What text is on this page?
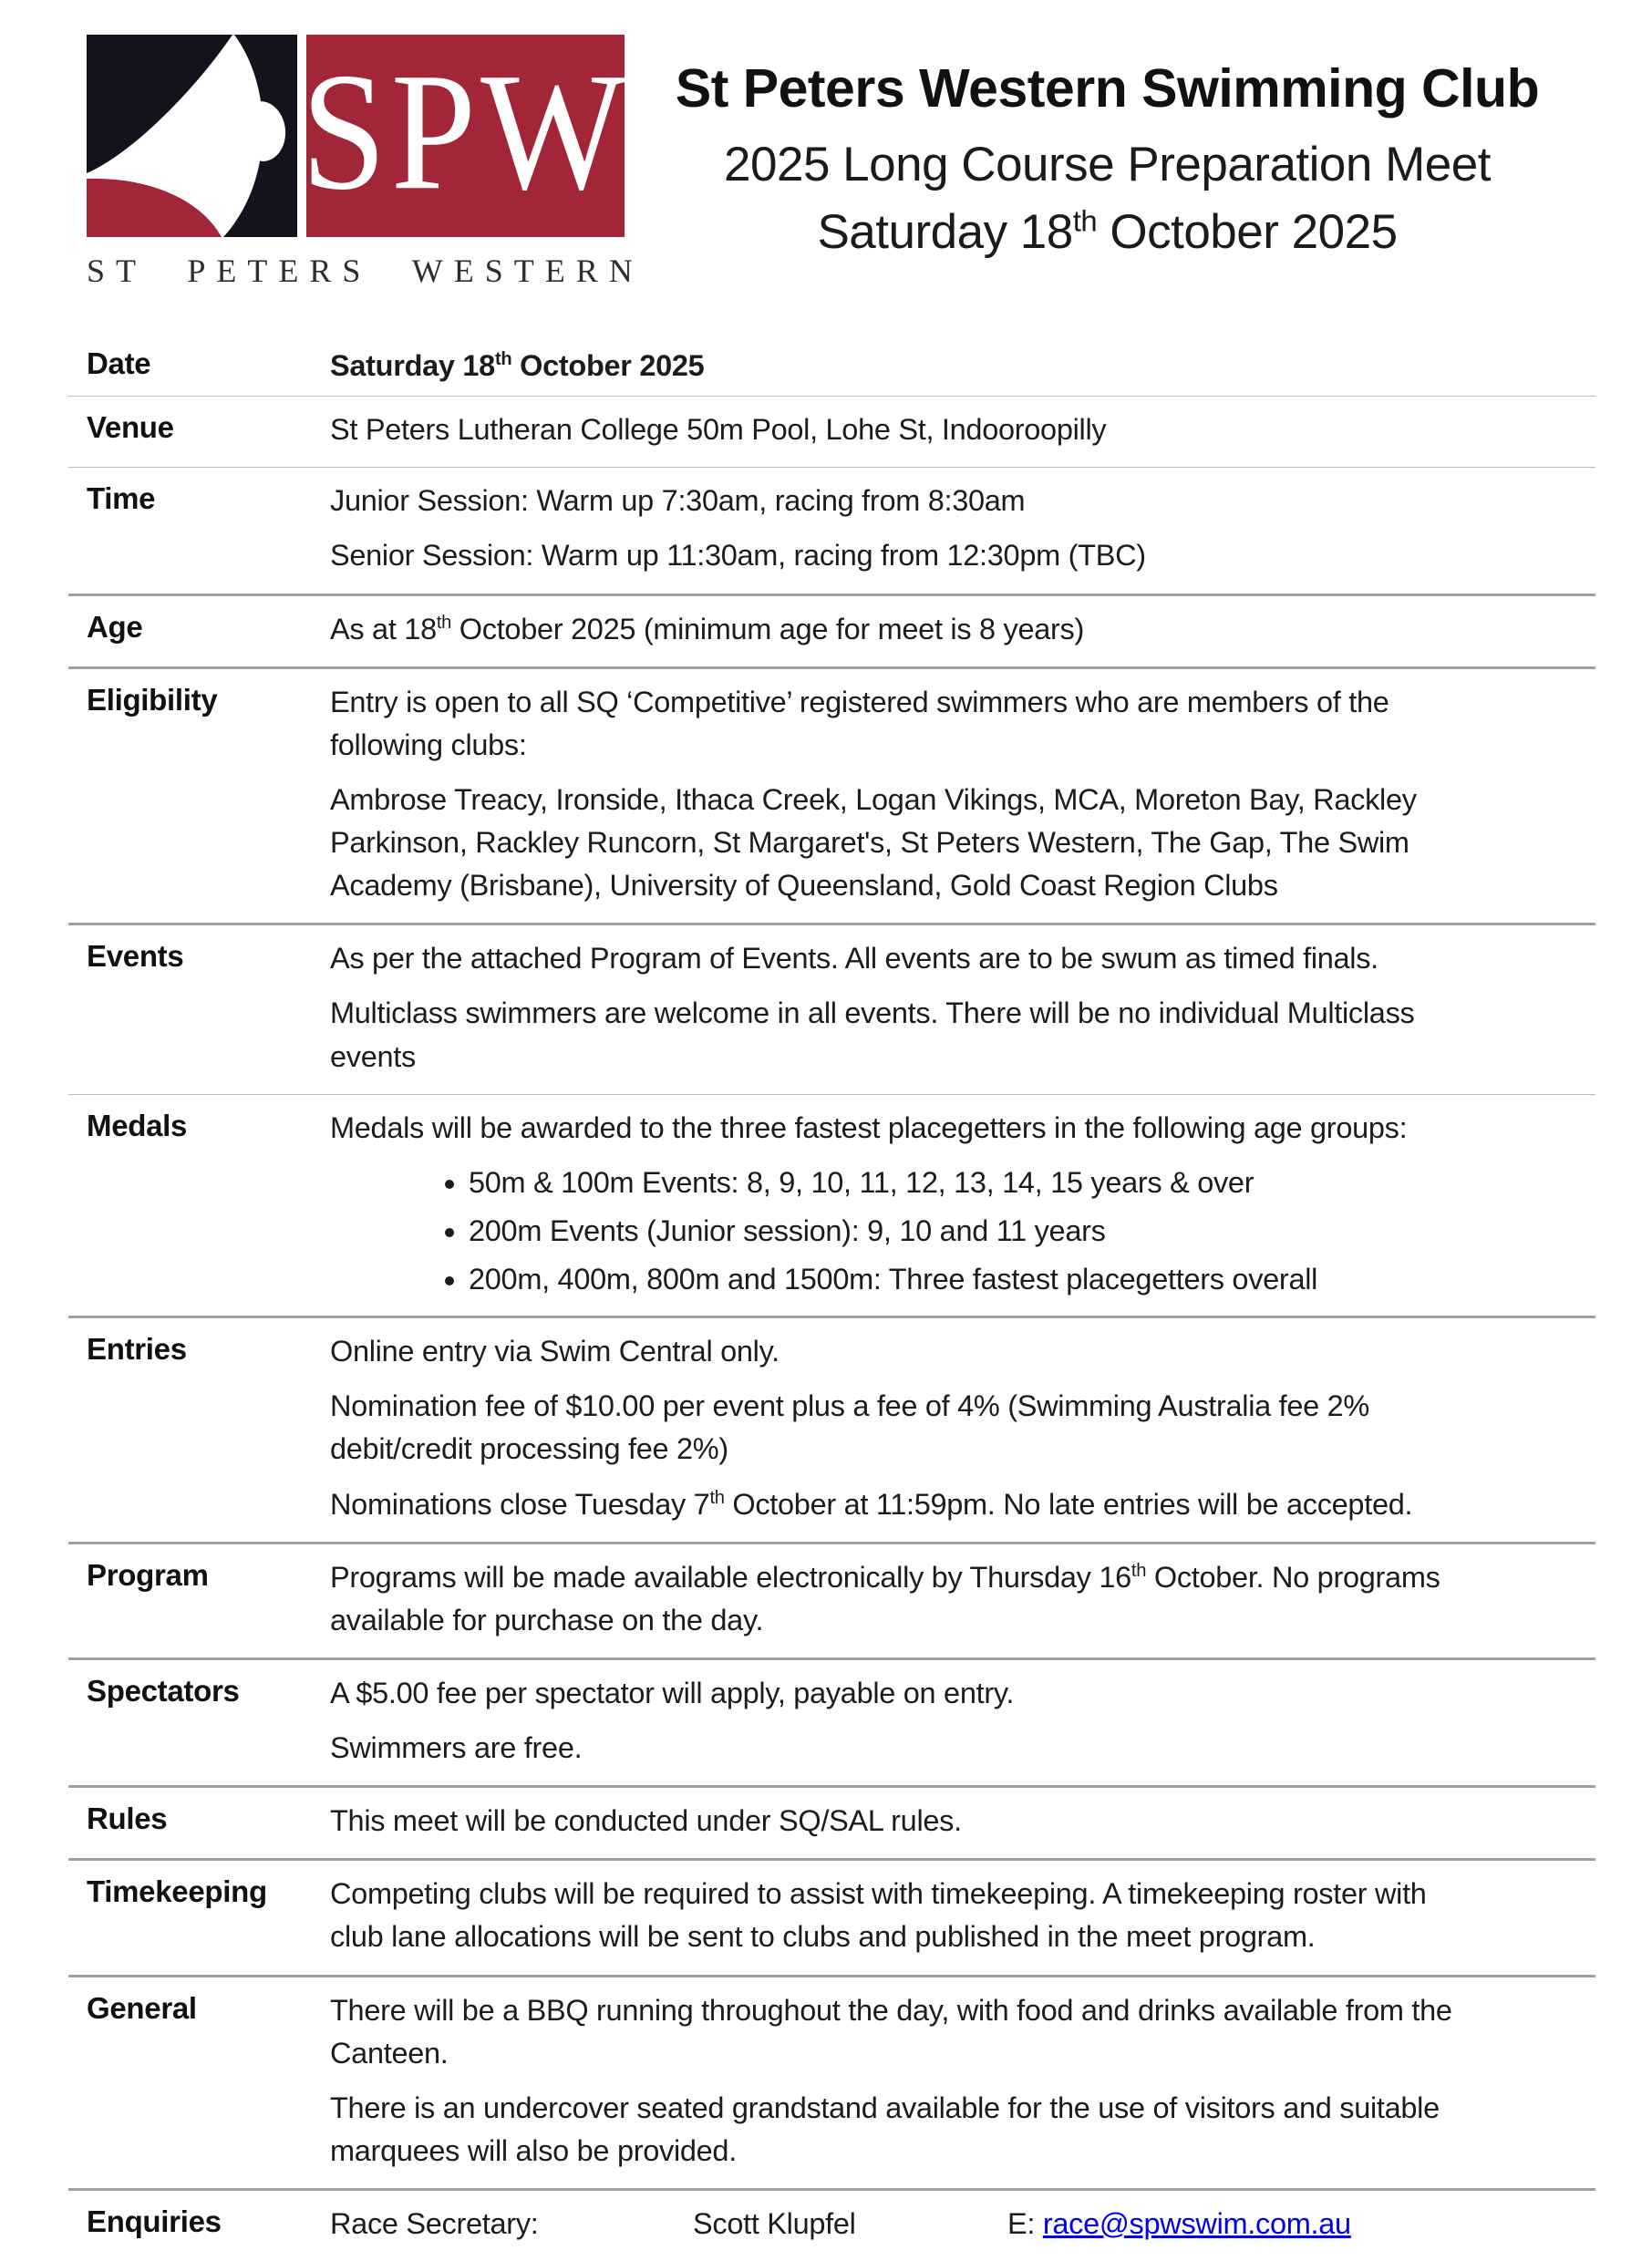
SPW
ST PETERS WESTERN
St Peters Western Swimming Club
2025 Long Course Preparation Meet
Saturday 18th October 2025
Date	Saturday 18th October 2025

Venue	St Peters Lutheran College 50m Pool, Lohe St, Indooroopilly

Time	Junior Session: Warm up 7:30am, racing from 8:30am

Senior Session: Warm up 11:30am, racing from 12:30pm (TBC)

Age	As at 18th October 2025 (minimum age for meet is 8 years)

Eligibility	Entry is open to all SQ ‘Competitive’ registered swimmers who are members of the
following clubs:

Ambrose Treacy, Ironside, Ithaca Creek, Logan Vikings, MCA, Moreton Bay, Rackley
Parkinson, Rackley Runcorn, St Margaret's, St Peters Western, The Gap, The Swim
Academy (Brisbane), University of Queensland, Gold Coast Region Clubs

Events	As per the attached Program of Events. All events are to be swum as timed finals.

Multiclass swimmers are welcome in all events. There will be no individual Multiclass
events

Medals	Medals will be awarded to the three fastest placegetters in the following age groups:

• 50m & 100m Events: 8, 9, 10, 11, 12, 13, 14, 15 years & over
• 200m Events (Junior session): 9, 10 and 11 years
• 200m, 400m, 800m and 1500m: Three fastest placegetters overall
Entries	Online entry via Swim Central only.

Nomination fee of $10.00 per event plus a fee of 4% (Swimming Australia fee 2%
debit/credit processing fee 2%)

Nominations close Tuesday 7th October at 11:59pm. No late entries will be accepted.

Program	Programs will be made available electronically by Thursday 16th October. No programs
available for purchase on the day.

Spectators	A $5.00 fee per spectator will apply, payable on entry.

Swimmers are free.

Rules	This meet will be conducted under SQ/SAL rules.

Timekeeping	Competing clubs will be required to assist with timekeeping. A timekeeping roster with
club lane allocations will be sent to clubs and published in the meet program.

General	There will be a BBQ running throughout the day, with food and drinks available from the
Canteen.

There is an undercover seated grandstand available for the use of visitors and suitable
marquees will also be provided.

Enquiries	Race Secretary:	Scott Klupfel	E: race@spwswim.com.au
